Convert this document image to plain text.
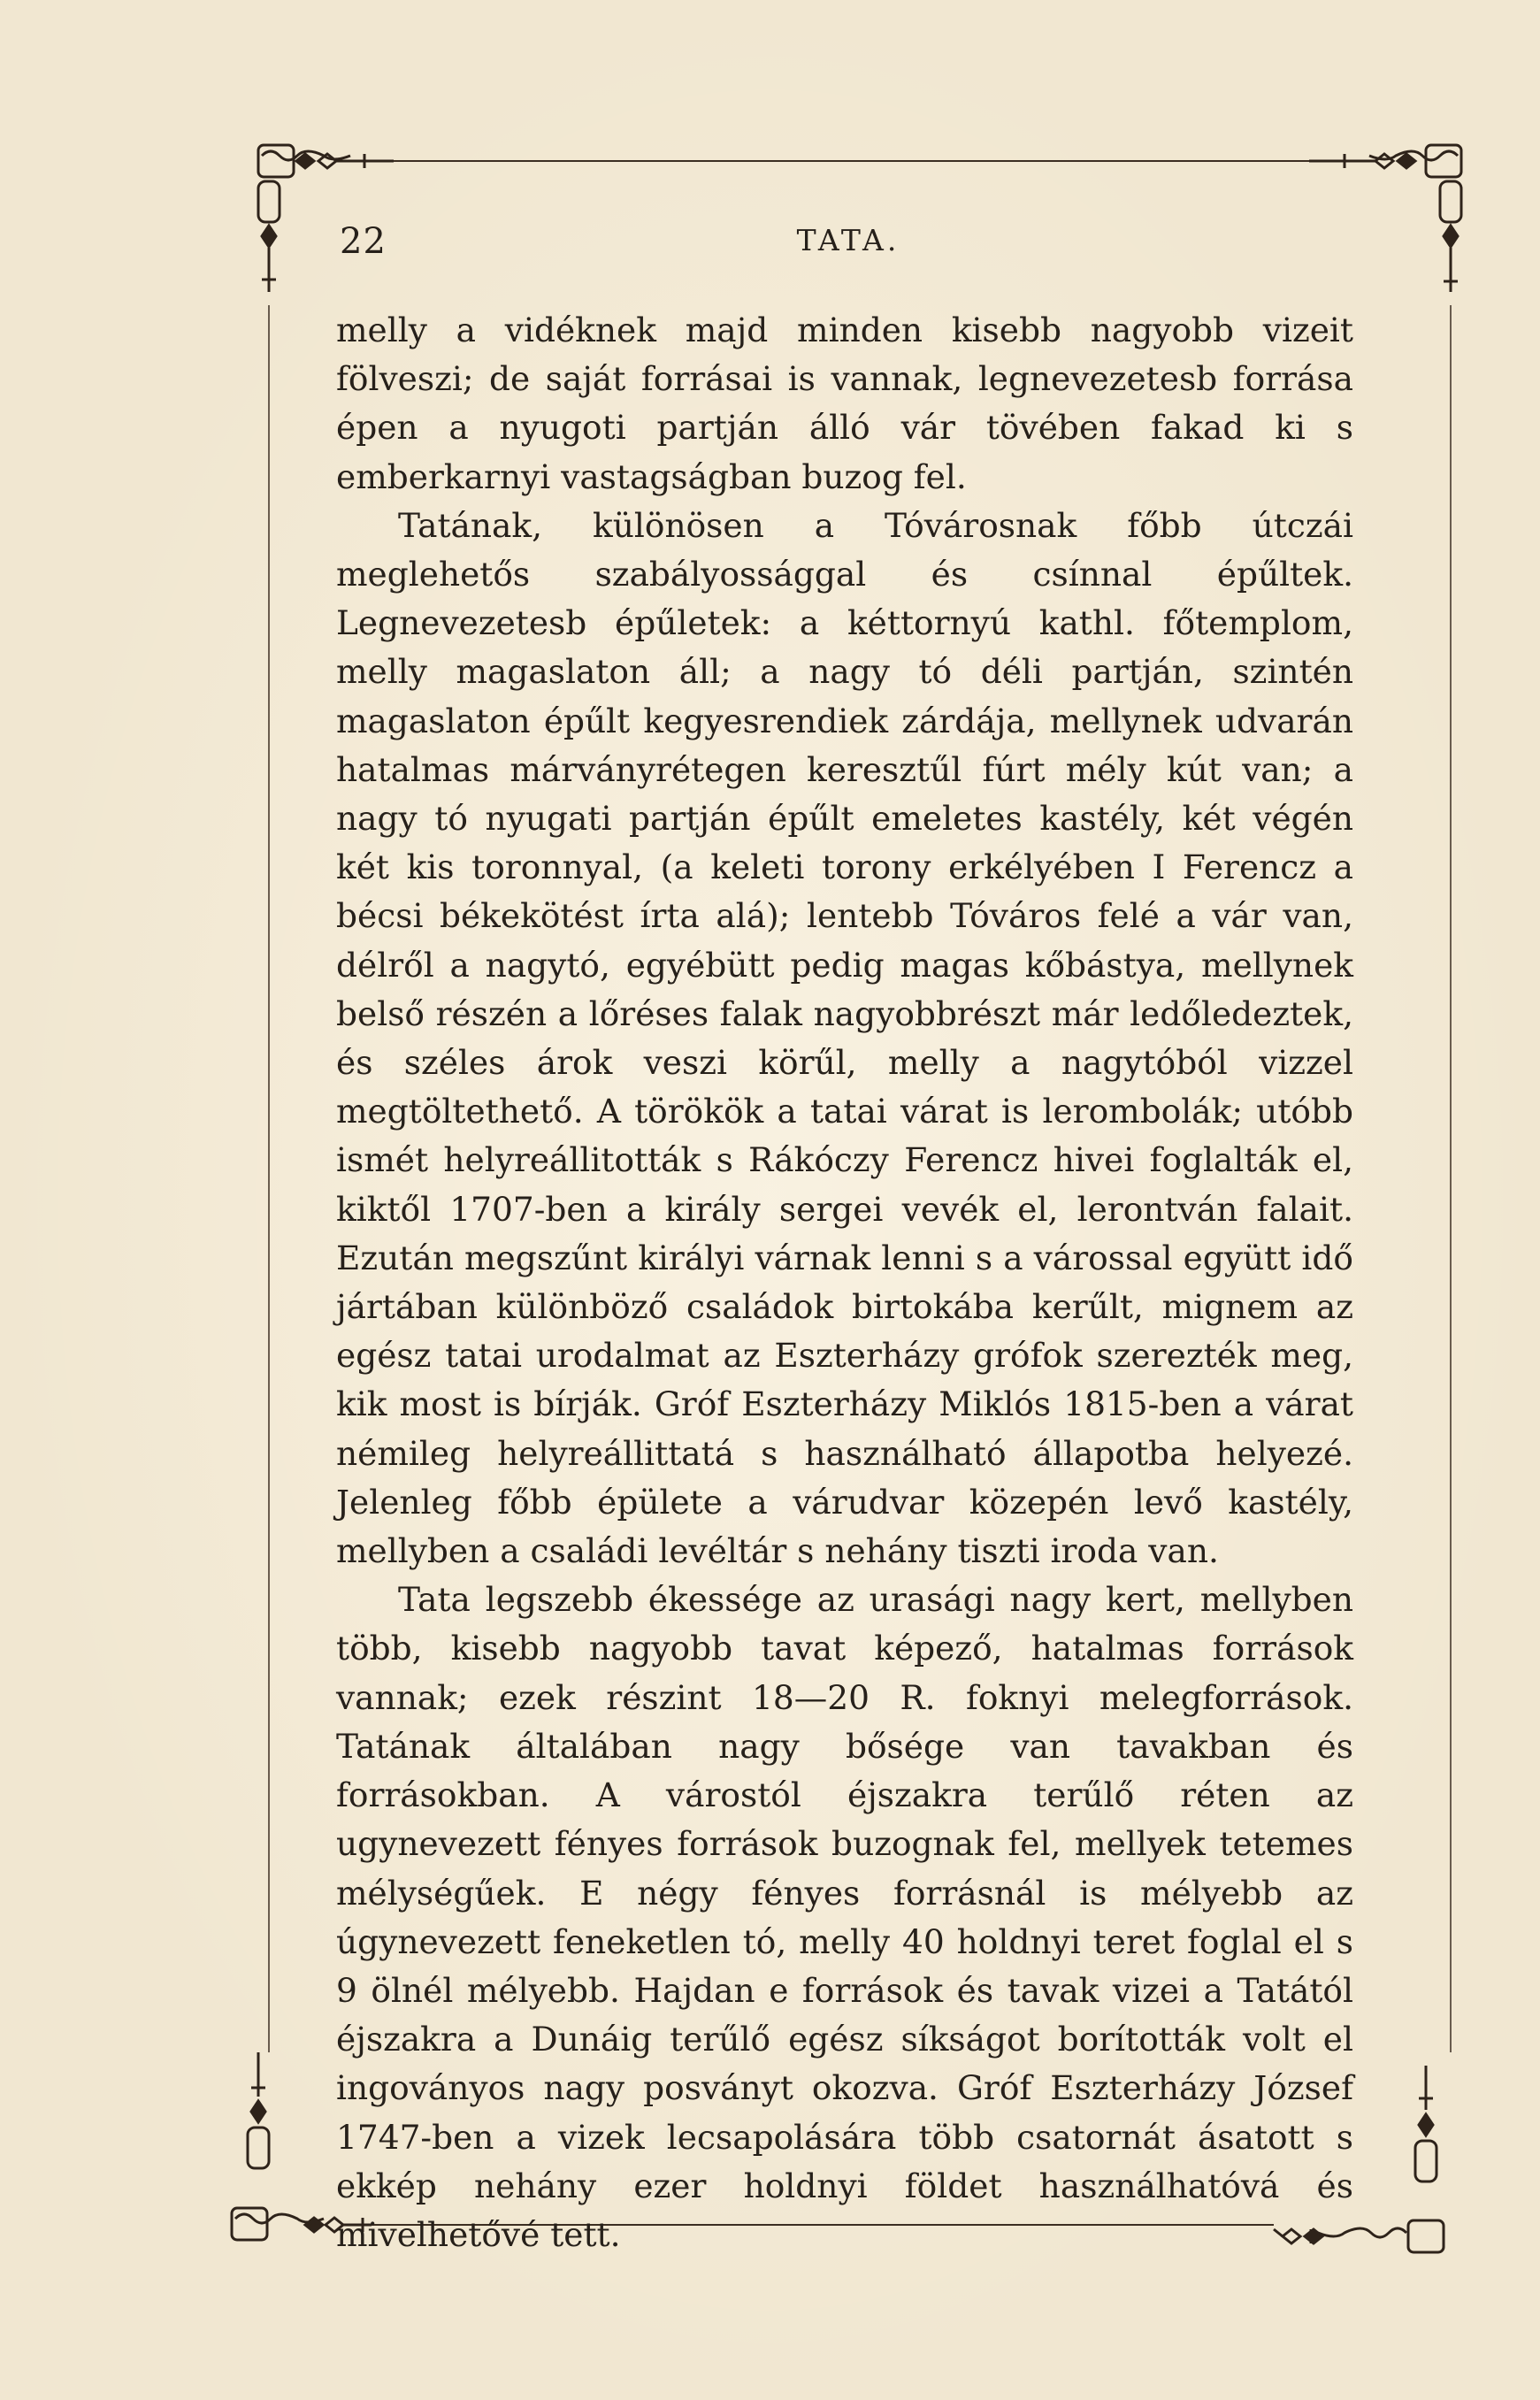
22	TATA.

melly a vidéknek majd minden kisebb nagyobb vizeit fölveszi; de saját forrásai is vannak, legnevezetesb forrása épen a nyugoti partján álló vár tövében fakad ki s emberkarnyi vastagságban buzog fel.

Tatának, különösen a Tóvárosnak főbb útczái meglehetős szabályossággal és csínnal épűltek. Legnevezetesb épűletek: a kéttornyú kathl. főtemplom, melly magaslaton áll; a nagy tó déli partján, szintén magaslaton épűlt kegyesrendiek zárdája, mellynek udvarán hatalmas márványrétegen keresztűl fúrt mély kút van; a nagy tó nyugati partján épűlt emeletes kastély, két végén két kis toronnyal, (a keleti torony erkélyében I Ferencz a bécsi békekötést írta alá); lentebb Tóváros felé a vár van, délről a nagytó, egyébütt pedig magas kőbástya, mellynek belső részén a lőréses falak nagyobbrészt már ledőledeztek, és széles árok veszi körűl, melly a nagytóból vizzel megtöltethető. A törökök a tatai várat is lerombolák; utóbb ismét helyreállitották s Rákóczy Ferencz hivei foglalták el, kiktől 1707-ben a király sergei vevék el, lerontván falait. Ezután megszűnt királyi várnak lenni s a várossal együtt idő jártában különböző családok birtokába kerűlt, mignem az egész tatai urodalmat az Eszterházy grófok szerezték meg, kik most is bírják. Gróf Eszterházy Miklós 1815-ben a várat némileg helyreállittatá s használható állapotba helyezé. Jelenleg főbb épülete a várudvar közepén levő kastély, mellyben a családi levéltár s nehány tiszti iroda van.

Tata legszebb ékessége az urasági nagy kert, mellyben több, kisebb nagyobb tavat képező, hatalmas források vannak; ezek részint 18—20 R. foknyi melegforrások. Tatának általában nagy bősége van tavakban és forrásokban. A várostól éjszakra terűlő réten az ugynevezett fényes források buzognak fel, mellyek tetemes mélységűek. E négy fényes forrásnál is mélyebb az úgynevezett feneketlen tó, melly 40 holdnyi teret foglal el s 9 ölnél mélyebb. Hajdan e források és tavak vizei a Tatától éjszakra a Dunáig terűlő egész síkságot borították volt el ingoványos nagy posványt okozva. Gróf Eszterházy József 1747-ben a vizek lecsapolására több csatornát ásatott s ekkép nehány ezer holdnyi földet használhatóvá és mivelhetővé tett.
